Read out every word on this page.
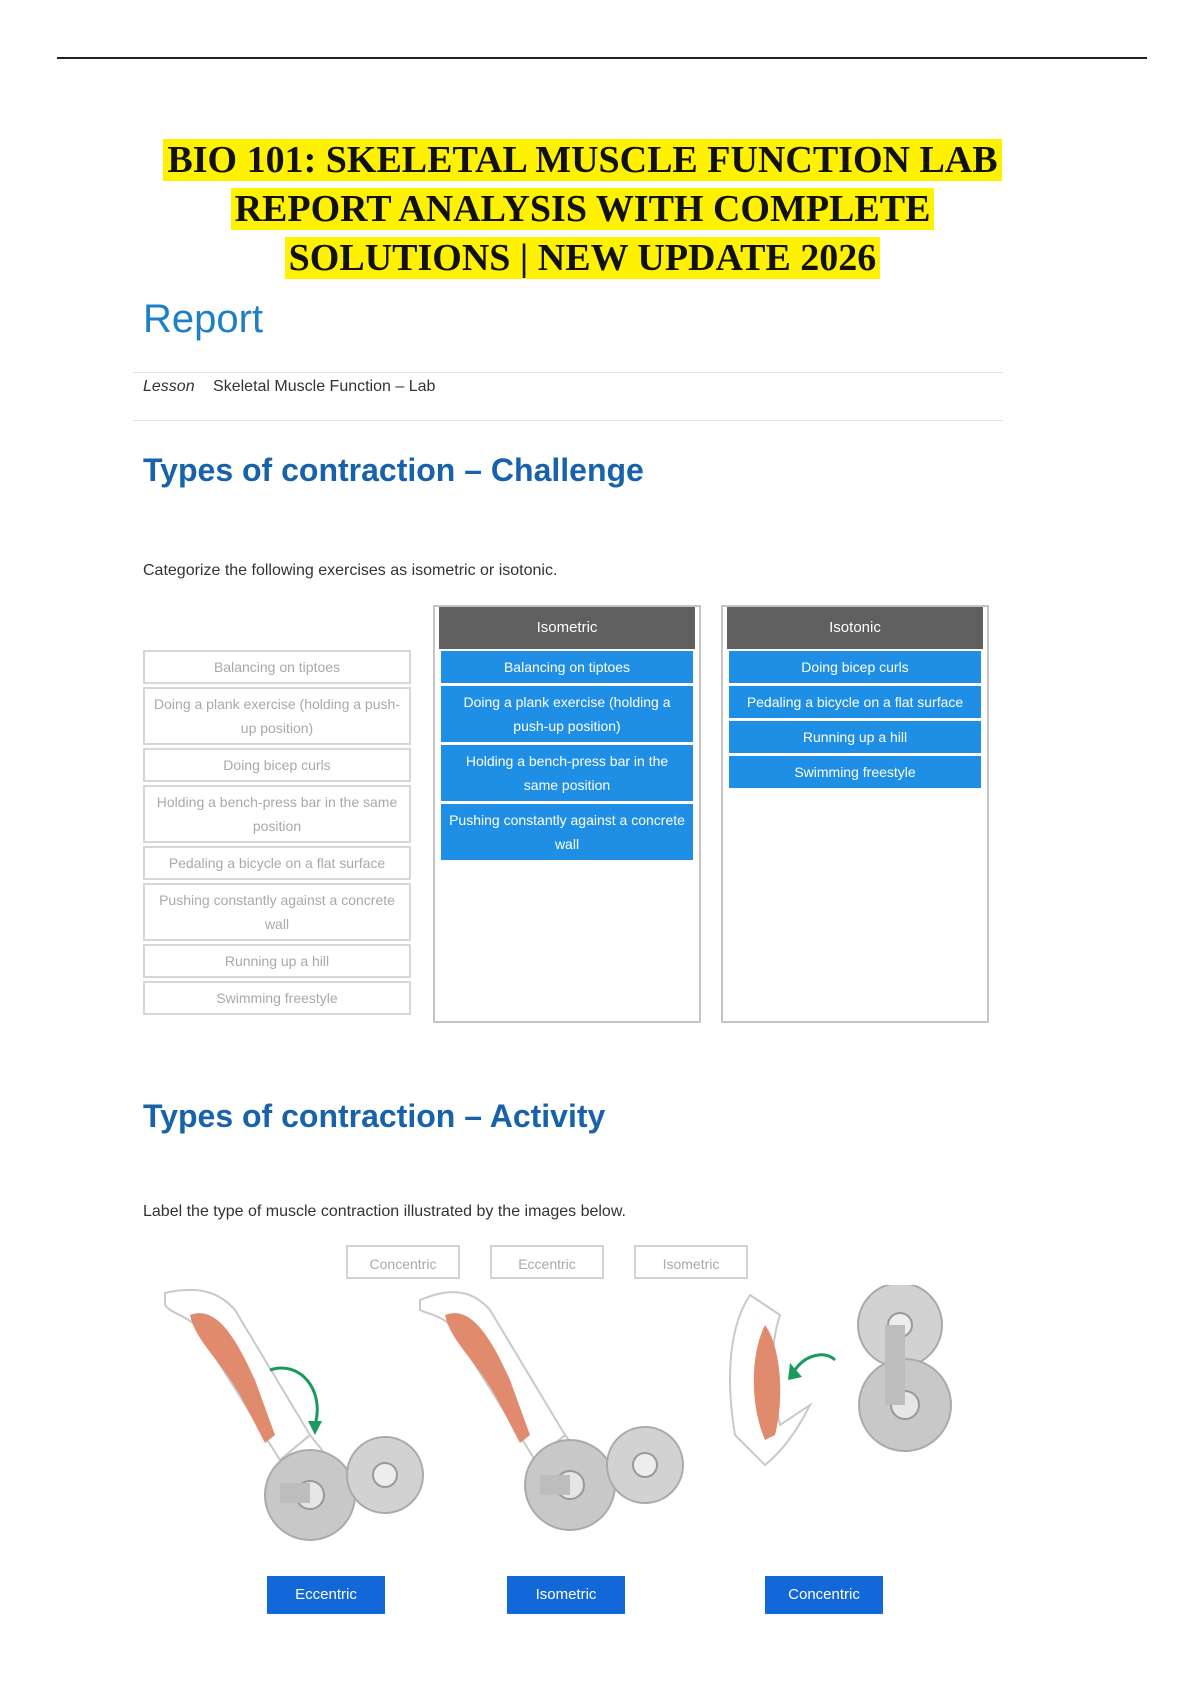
BIO 101: SKELETAL MUSCLE FUNCTION LAB
REPORT ANALYSIS WITH COMPLETE
SOLUTIONS | NEW UPDATE 2026
Report
Lesson Skeletal Muscle Function – Lab
Types of contraction – Challenge
Categorize the following exercises as isometric or isotonic.
Balancing on tiptoes
Doing a plank exercise (holding a push-up position)
Doing bicep curls
Holding a bench-press bar in the same position
Pedaling a bicycle on a flat surface
Pushing constantly against a concrete wall
Running up a hill
Swimming freestyle
Isometric
Balancing on tiptoes
Doing a plank exercise (holding a push-up position)
Holding a bench-press bar in the same position
Pushing constantly against a concrete wall
Isotonic
Doing bicep curls
Pedaling a bicycle on a flat surface
Running up a hill
Swimming freestyle
Types of contraction – Activity
Label the type of muscle contraction illustrated by the images below.
Concentric	Eccentric	Isometric
Eccentric	Isometric	Concentric
